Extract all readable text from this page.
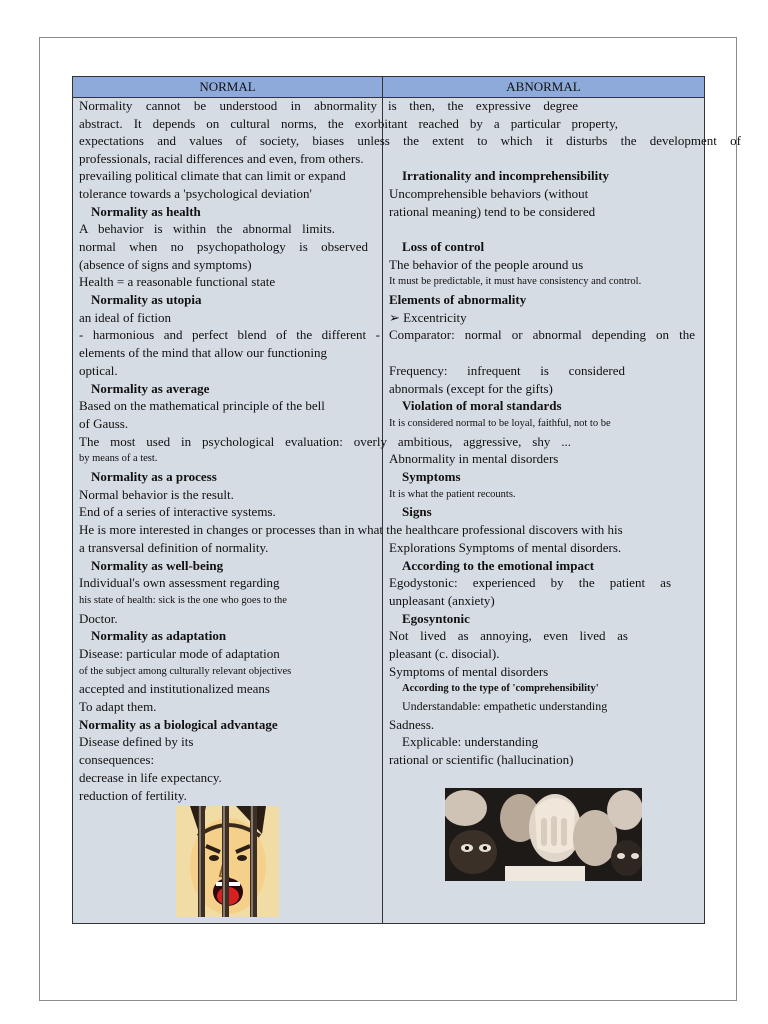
NORMAL	ABNORMAL
Normality cannot be understood in abnormality is then, the expressive degree
abstract. It depends on cultural norms, the exorbitant reached by a particular property,
expectations and values of society, biases unless the extent to which it disturbs the development of
professionals, racial differences and even, from others.
prevailing political climate that can limit or expand
tolerance towards a 'psychological deviation'
Normality as health
A behavior is within the abnormal limits.
normal when no psychopathology is observed
(absence of signs and symptoms)
Health = a reasonable functional state
Normality as utopia
an ideal of fiction
- harmonious and perfect blend of the different -
elements of the mind that allow our functioning
optical.
Normality as average
Based on the mathematical principle of the bell
of Gauss.
The most used in psychological evaluation: overly ambitious, aggressive, shy ...
by means of a test.
Normality as a process
Normal behavior is the result.
End of a series of interactive systems.
He is more interested in changes or processes than in what the healthcare professional discovers with his
a transversal definition of normality.
Normality as well-being
Individual's own assessment regarding
his state of health: sick is the one who goes to the
Doctor.
Normality as adaptation
Disease: particular mode of adaptation
of the subject among culturally relevant objectives
accepted and institutionalized means
To adapt them.
Normality as a biological advantage
Disease defined by its
consequences:
decrease in life expectancy.
reduction of fertility.
Irrationality and incomprehensibility
Uncomprehensible behaviors (without
rational meaning) tend to be considered
Loss of control
The behavior of the people around us
It must be predictable, it must have consistency and control.
Elements of abnormality
➢ Excentricity
Comparator: normal or abnormal depending on the
Frequency: infrequent is considered
abnormals (except for the gifts)
Violation of moral standards
It is considered normal to be loyal, faithful, not to be
Abnormality in mental disorders
Symptoms
It is what the patient recounts.
Signs
Explorations Symptoms of mental disorders.
According to the emotional impact
Egodystonic: experienced by the patient as
unpleasant (anxiety)
Egosyntonic
Not lived as annoying, even lived as
pleasant (c. disocial).
Symptoms of mental disorders
According to the type of 'comprehensibility'
Understandable: empathetic understanding
Sadness.
Explicable: understanding
rational or scientific (hallucination)
